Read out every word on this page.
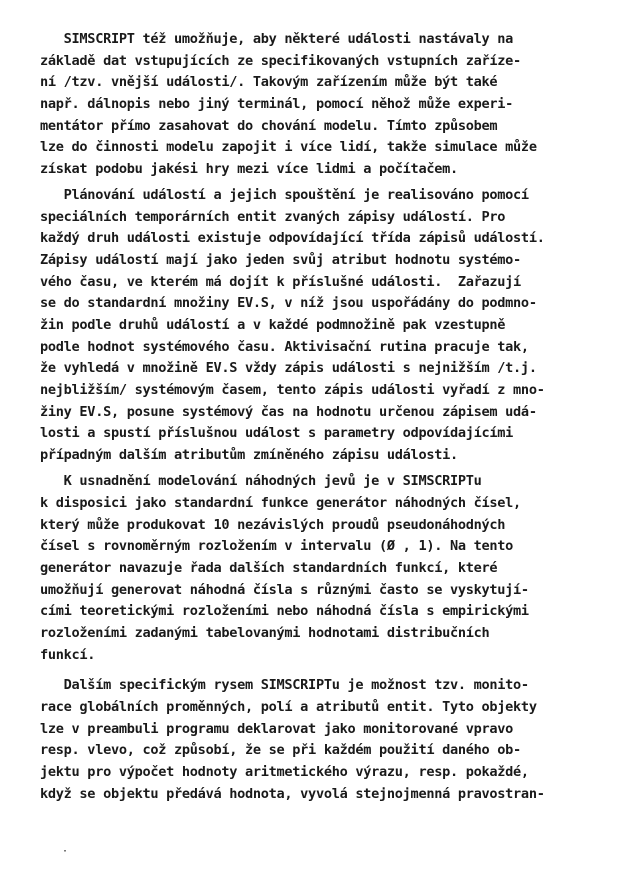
SIMSCRIPT též umožňuje, aby některé události nastávaly na
základě dat vstupujících ze specifikovaných vstupních zaříze-
ní /tzv. vnější události/. Takovým zařízením může být také
např. dálnopis nebo jiný terminál, pomocí něhož může experi-
mentátor přímo zasahovat do chování modelu. Tímto způsobem
lze do činnosti modelu zapojit i více lidí, takže simulace může
získat podobu jakési hry mezi více lidmi a počítačem.
Plánování událostí a jejich spouštění je realisováno pomocí
speciálních temporárních entit zvaných zápisy událostí. Pro
každý druh události existuje odpovídající třída zápisů událostí.
Zápisy událostí mají jako jeden svůj atribut hodnotu systémo-
vého času, ve kterém má dojít k příslušné události.  Zařazují
se do standardní množiny EV.S, v níž jsou uspořádány do podmno-
žin podle druhů událostí a v každé podmnožině pak vzestupně
podle hodnot systémového času. Aktivisační rutina pracuje tak,
že vyhledá v množině EV.S vždy zápis události s nejnižším /t.j.
nejbližším/ systémovým časem, tento zápis události vyřadí z mno-
žiny EV.S, posune systémový čas na hodnotu určenou zápisem udá-
losti a spustí příslušnou událost s parametry odpovídajícími
případným dalším atributům zmíněného zápisu události.
K usnadnění modelování náhodných jevů je v SIMSCRIPTu
k disposici jako standardní funkce generátor náhodných čísel,
který může produkovat 10 nezávislých proudů pseudonáhodných
čísel s rovnoměrným rozložením v intervalu (Ø , 1). Na tento
generátor navazuje řada dalších standardních funkcí, které
umožňují generovat náhodná čísla s různými často se vyskytují-
cími teoretickými rozloženími nebo náhodná čísla s empirickými
rozloženími zadanými tabelovanými hodnotami distribučních
funkcí.
Dalším specifickým rysem SIMSCRIPTu je možnost tzv. monito-
race globálních proměnných, polí a atributů entit. Tyto objekty
lze v preambuli programu deklarovat jako monitorované vpravo
resp. vlevo, což způsobí, že se při každém použití daného ob-
jektu pro výpočet hodnoty aritmetického výrazu, resp. pokaždé,
když se objektu předává hodnota, vyvolá stejnojmenná pravostran-
·
